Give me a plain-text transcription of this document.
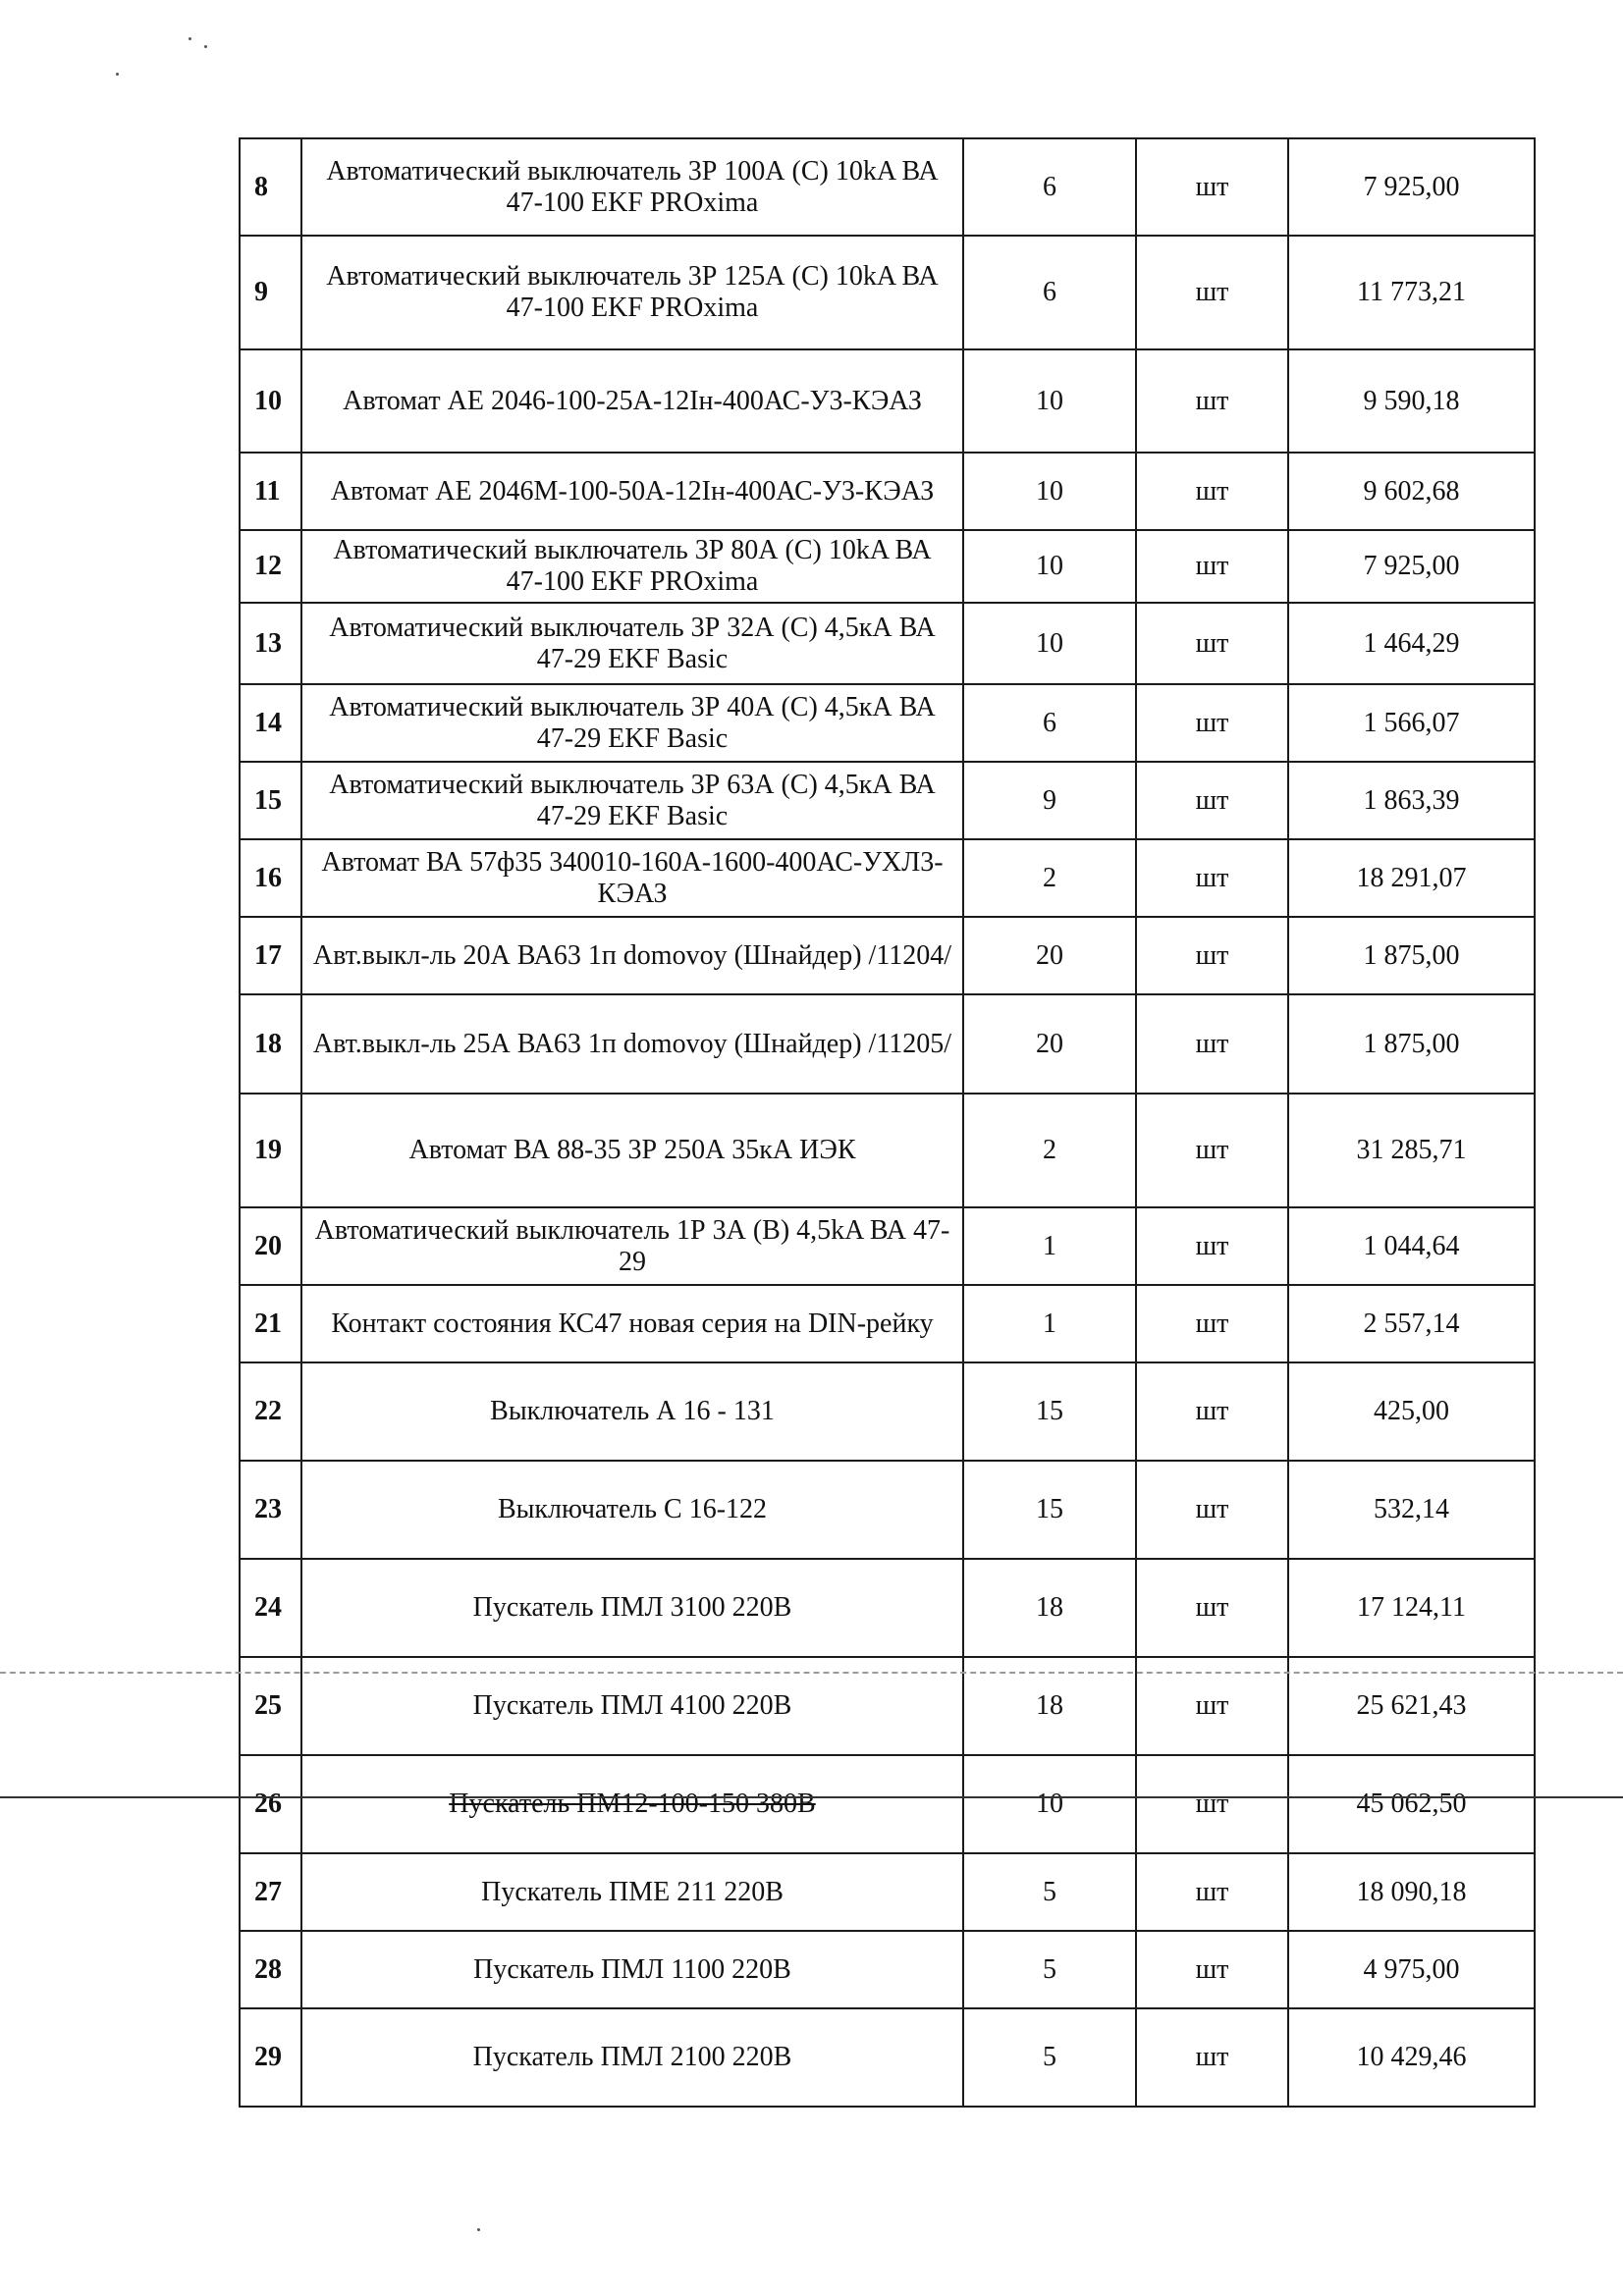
8	Автоматический выключатель 3Р 100А (С) 10kA ВА 47-100 EKF PROxima	6	шт	7 925,00
9	Автоматический выключатель 3Р 125А (С) 10kA ВА 47-100 EKF PROxima	6	шт	11 773,21
10	Автомат АЕ 2046-100-25А-12Iн-400АС-У3-КЭАЗ	10	шт	9 590,18
11	Автомат АЕ 2046М-100-50А-12Iн-400АС-У3-КЭАЗ	10	шт	9 602,68
12	Автоматический выключатель 3Р 80А (С) 10kA ВА 47-100 EKF PROxima	10	шт	7 925,00
13	Автоматический выключатель 3Р 32А (С) 4,5кА ВА 47-29 EKF Basic	10	шт	1 464,29
14	Автоматический выключатель 3Р 40А (С) 4,5кА ВА 47-29 EKF Basic	6	шт	1 566,07
15	Автоматический выключатель 3Р 63А (С) 4,5кА ВА 47-29 EKF Basic	9	шт	1 863,39
16	Автомат ВА 57ф35 340010-160А-1600-400АС-УХЛ3-КЭАЗ	2	шт	18 291,07
17	Авт.выкл-ль 20А ВА63 1п domovoy (Шнайдер) /11204/	20	шт	1 875,00
18	Авт.выкл-ль 25А ВА63 1п domovoy (Шнайдер) /11205/	20	шт	1 875,00
19	Автомат ВА 88-35 3Р 250А 35кА ИЭК	2	шт	31 285,71
20	Автоматический выключатель 1Р 3А (В) 4,5kA ВА 47-29	1	шт	1 044,64
21	Контакт состояния КС47 новая серия на DIN-рейку	1	шт	2 557,14
22	Выключатель А 16 - 131	15	шт	425,00
23	Выключатель С 16-122	15	шт	532,14
24	Пускатель ПМЛ 3100 220В	18	шт	17 124,11
25	Пускатель ПМЛ 4100 220В	18	шт	25 621,43
26	Пускатель ПМ12-100-150 380В	10	шт	45 062,50
27	Пускатель ПМЕ 211 220В	5	шт	18 090,18
28	Пускатель ПМЛ 1100 220В	5	шт	4 975,00
29	Пускатель ПМЛ 2100 220В	5	шт	10 429,46
